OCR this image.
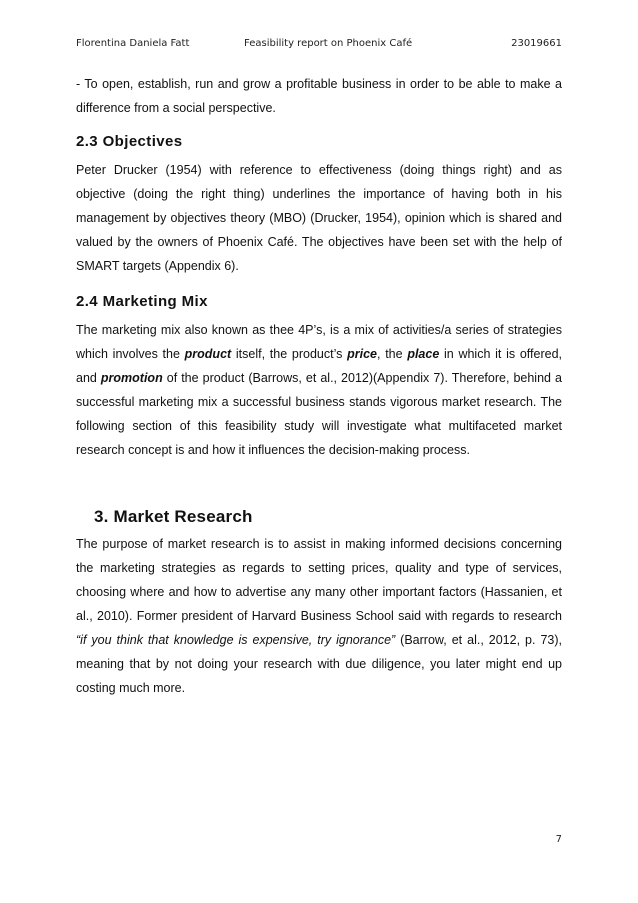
Florentina Daniela Fatt	Feasibility report on Phoenix Café	23019661

- To open, establish, run and grow a profitable business in order to be able to make a difference from a social perspective.

2.3 Objectives

Peter Drucker (1954) with reference to effectiveness (doing things right) and as objective (doing the right thing) underlines the importance of having both in his management by objectives theory (MBO) (Drucker, 1954), opinion which is shared and valued by the owners of Phoenix Café. The objectives have been set with the help of SMART targets (Appendix 6).

2.4 Marketing Mix

The marketing mix also known as thee 4P’s, is a mix of activities/a series of strategies which involves the product itself, the product’s price, the place in which it is offered, and promotion of the product (Barrows, et al., 2012)(Appendix 7). Therefore, behind a successful marketing mix a successful business stands vigorous market research. The following section of this feasibility study will investigate what multifaceted market research concept is and how it influences the decision-making process.

3. Market Research

The purpose of market research is to assist in making informed decisions concerning the marketing strategies as regards to setting prices, quality and type of services, choosing where and how to advertise any many other important factors (Hassanien, et al., 2010). Former president of Harvard Business School said with regards to research “if you think that knowledge is expensive, try ignorance” (Barrow, et al., 2012, p. 73), meaning that by not doing your research with due diligence, you later might end up costing much more.

7
